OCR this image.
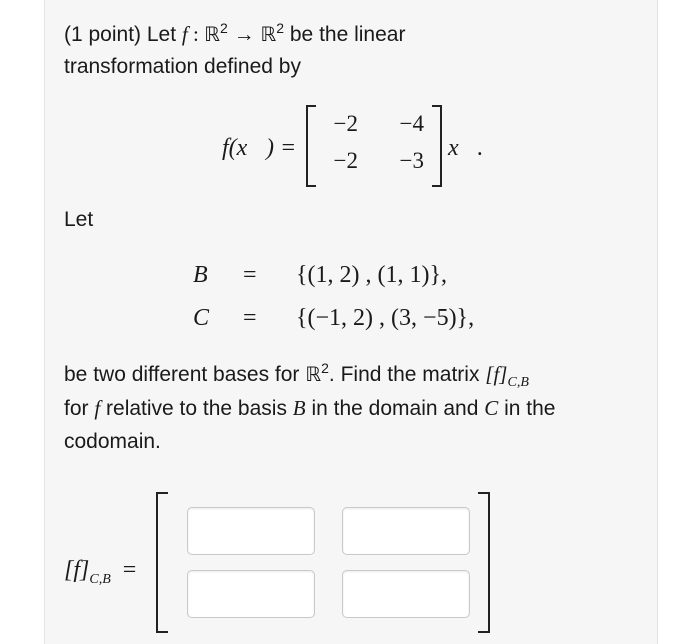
(1 point) Let f : ℝ$^2$ → ℝ$^2$ be the linear
transformation defined by
f(x⃗) =
−2	−4
−2	−3 x⃗.
Let
B = {(1, 2) , (1, 1)},
C = {(−1, 2) , (3, −5)},
be two different bases for ℝ$^2$. Find the matrix $[f]_{C,B}$
for f relative to the basis B in the domain and C in the
codomain.
$[f]_{C,B}$ =
